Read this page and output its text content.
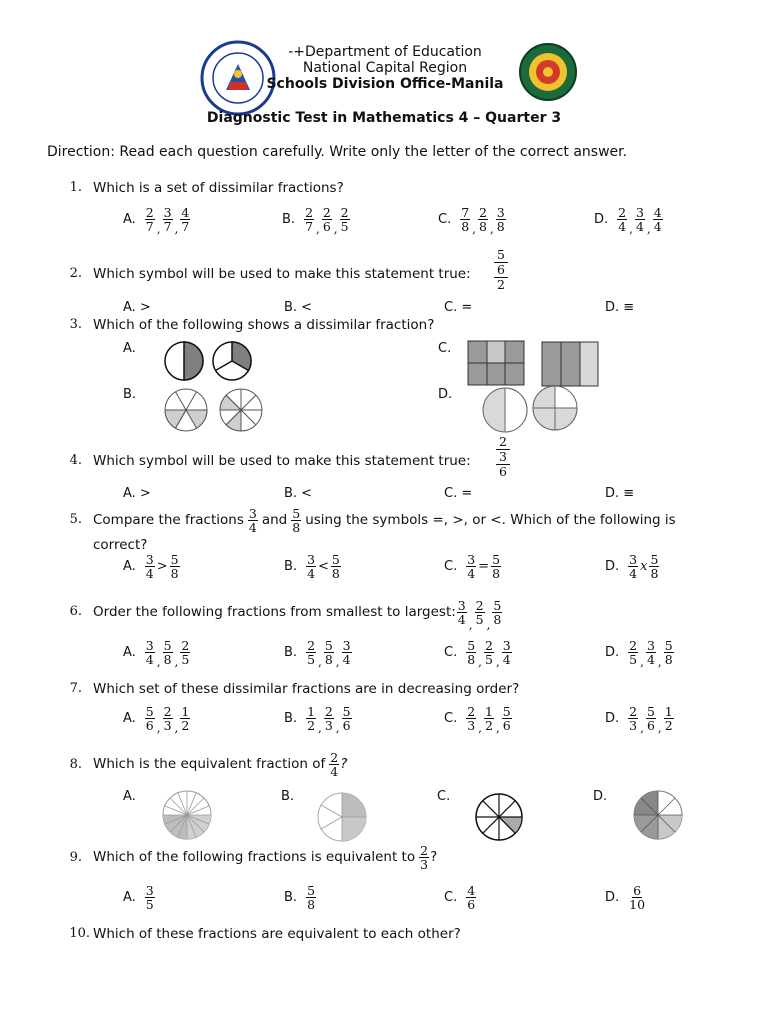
-+Department of Education
National Capital Region
Schools Division Office-Manila
Diagnostic Test in Mathematics 4 – Quarter 3
Direction: Read each question carefully. Write only the letter of the correct answer.
1. Which is a set of dissimilar fractions?
A. 2
7 ,
3
7 ,
4
7	B. 2
7 ,
2
6 ,
2
5	C. 7
8 ,
2
8 ,
3
8	D. 2
4 ,
3
4 ,
4
4
2. Which symbol will be used to make this statement true:
5
6
2
A. >	B. <	C. =	D. ≡
3. Which of the following shows a dissimilar fraction?
A.	C.
B.	D.
4. Which symbol will be used to make this statement true:
2
3
6
A. >	B. <	C. =	D. ≡
5. Compare the fractions 3
4 and 5
8 using the symbols =, >, or <. Which of the following is
correct?
A. 3
4 > 5
8	B. 3
4 < 5
8	C. $\frac{3}{4} = \frac{5}{8}$	D. 3
4 x 5
8
6. Order the following fractions from smallest to largest: 3
4 ,
2
5 ,
5
8
A. 3
4 ,
5
8 ,
2
5	B. 2
5 ,
5
8 ,
3
4	C. 5
8 ,
2
5 ,
3
4	D. 2
5 ,
3
4 ,
5
8
7. Which set of these dissimilar fractions are in decreasing order?
A. 5
6 ,
2
3 ,
1
2	B. 1
2 ,
2
3 ,
5
6	C. 2
3 ,
1
2 ,
5
6	D. 2
3 ,
5
6 ,
1
2
8. Which is the equivalent fraction of 2
4 ?
A.	B.	C.	D.
9. Which of the following fractions is equivalent to 2
3 ?
A. 3
5	B. 5
8	C. 4
6	D. 6
10
10. Which of these fractions are equivalent to each other?
